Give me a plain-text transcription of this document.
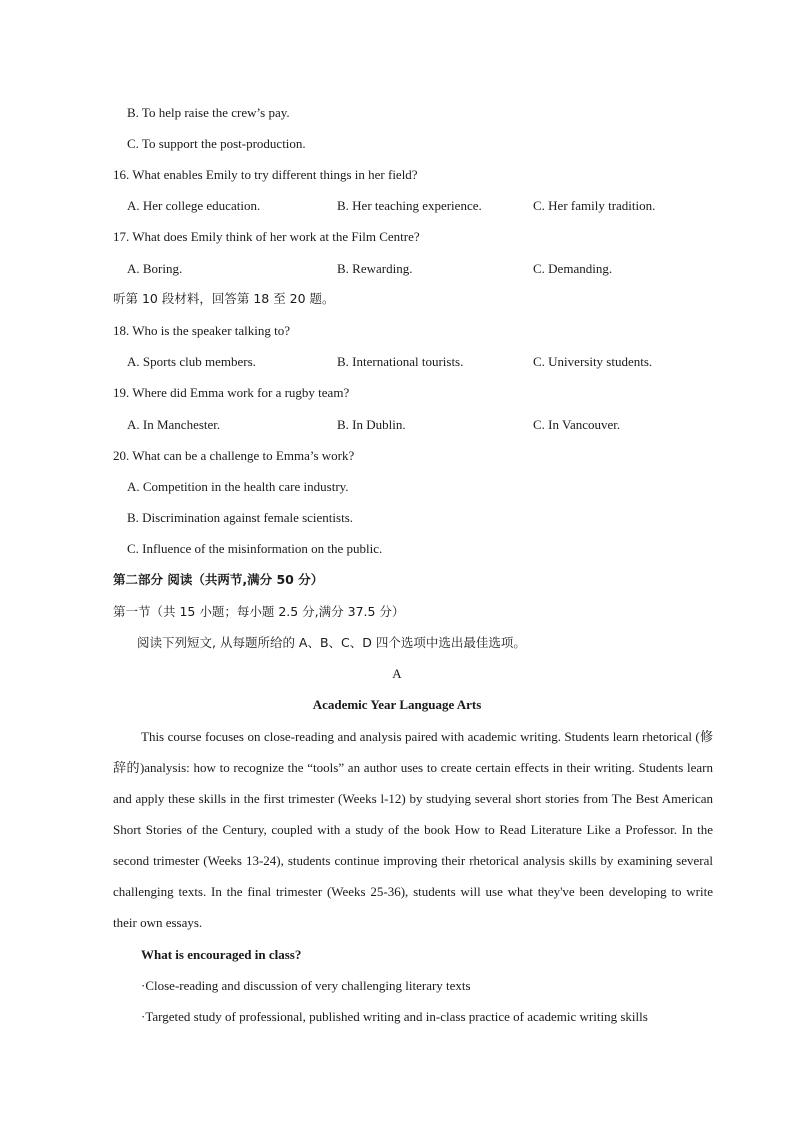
B. To help raise the crew’s pay.
C. To support the post-production.
16. What enables Emily to try different things in her field?
A. Her college education.	B. Her teaching experience.	C. Her family tradition.
17. What does Emily think of her work at the Film Centre?
A. Boring.	B. Rewarding.	C. Demanding.
听第 10 段材料，回答第 18 至 20 题。
18. Who is the speaker talking to?
A. Sports club members.	B. International tourists.	C. University students.
19. Where did Emma work for a rugby team?
A. In Manchester.	B. In Dublin.	C. In Vancouver.
20. What can be a challenge to Emma’s work?
A. Competition in the health care industry.
B. Discrimination against female scientists.
C. Influence of the misinformation on the public.
第二部分 阅读（共两节,满分 50 分）
第一节（共 15 小题；每小题 2.5 分,满分 37.5 分）
阅读下列短文, 从每题所给的 A、B、C、D 四个选项中选出最佳选项。
A
Academic Year Language Arts
This course focuses on close-reading and analysis paired with academic writing. Students learn rhetorical (修辞的)analysis: how to recognize the “tools” an author uses to create certain effects in their writing. Students learn and apply these skills in the first trimester (Weeks l-12) by studying several short stories from The Best American Short Stories of the Century, coupled with a study of the book How to Read Literature Like a Professor. In the second trimester (Weeks 13-24), students continue improving their rhetorical analysis skills by examining several challenging texts. In the final trimester (Weeks 25-36), students will use what they've been developing to write their own essays.
What is encouraged in class?
·Close-reading and discussion of very challenging literary texts
·Targeted study of professional, published writing and in-class practice of academic writing skills
